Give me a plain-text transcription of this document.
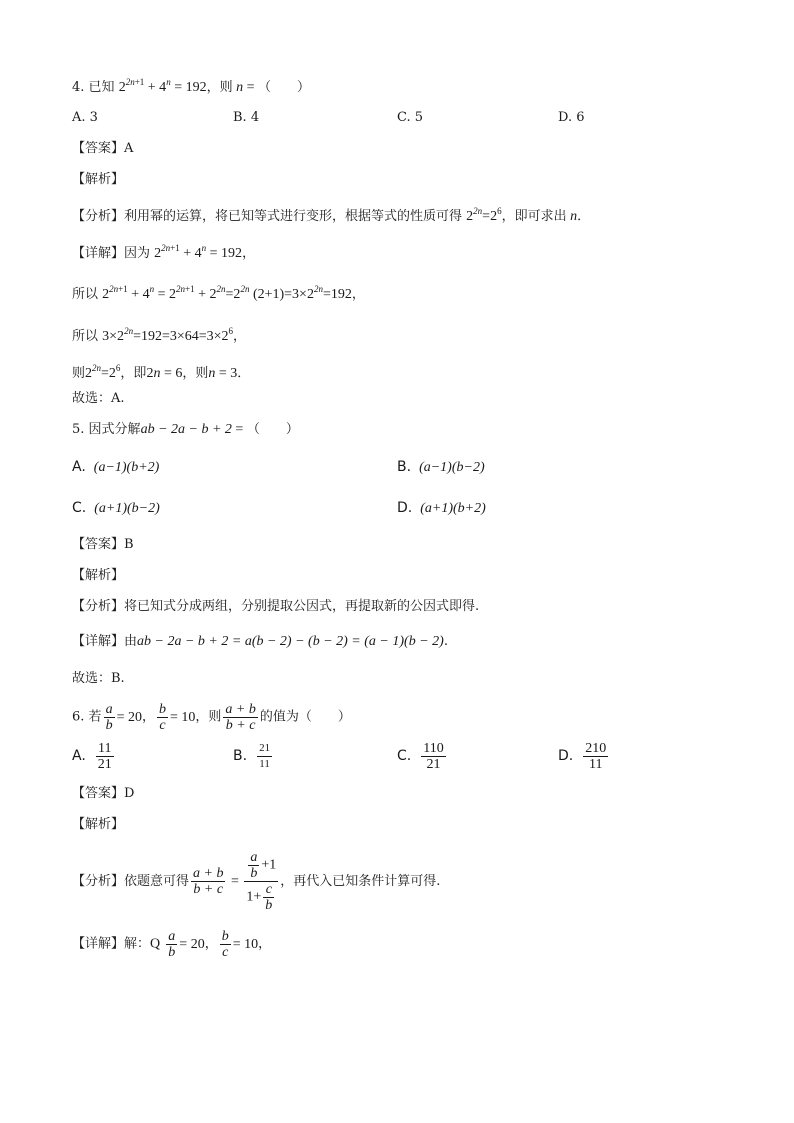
4. 已知 $2^{2n+1} + 4^n = 192$，则 n = （　　）
A. 3	B. 4	C. 5	D. 6
【答案】A
【解析】
【分析】利用幂的运算，将已知等式进行变形，根据等式的性质可得 $2^{2n}=2^6$，即可求出 n．
【详解】因为 $2^{2n+1} + 4^n = 192$，
所以 $2^{2n+1} + 4^n = 2^{2n+1} + 2^{2n}=2^{2n}$ $(2+1)=3\times 2^{2n}=192$，
所以 $3\times 2^{2n}=192=3\times 64=3\times 2^6$，
则$2^{2n}=2^6$，即2n = 6，则n = 3．
故选：A.
5. 因式分解ab − 2a − b + 2 = （　　）
A. (a−1)(b+2)	B. (a−1)(b−2)
C. (a+1)(b−2)	D. (a+1)(b+2)
【答案】B
【解析】
【分析】将已知式分成两组，分别提取公因式，再提取新的公因式即得.
【详解】由ab − 2a − b + 2 = a(b − 2) − (b − 2) = (a − 1)(b − 2).
故选：B.
6. 若 $\frac{a}{b} = 20$， $\frac{b}{c} = 10$，则 $\frac{a + b}{b + c}$ 的值为（　　）
A. $\frac{11}{21}$	B. $\frac{21}{11}$	C. $\frac{110}{21}$	D. $\frac{210}{11}$
【答案】D
【解析】
【分析】依题意可得 $\frac{a + b}{b + c} = \frac{\frac{a}{b} +1}{1+ \frac{c}{b}}$ ，再代入已知条件计算可得.
【详解】解：Q $\frac{a}{b} = 20$， $\frac{b}{c} = 10$，
